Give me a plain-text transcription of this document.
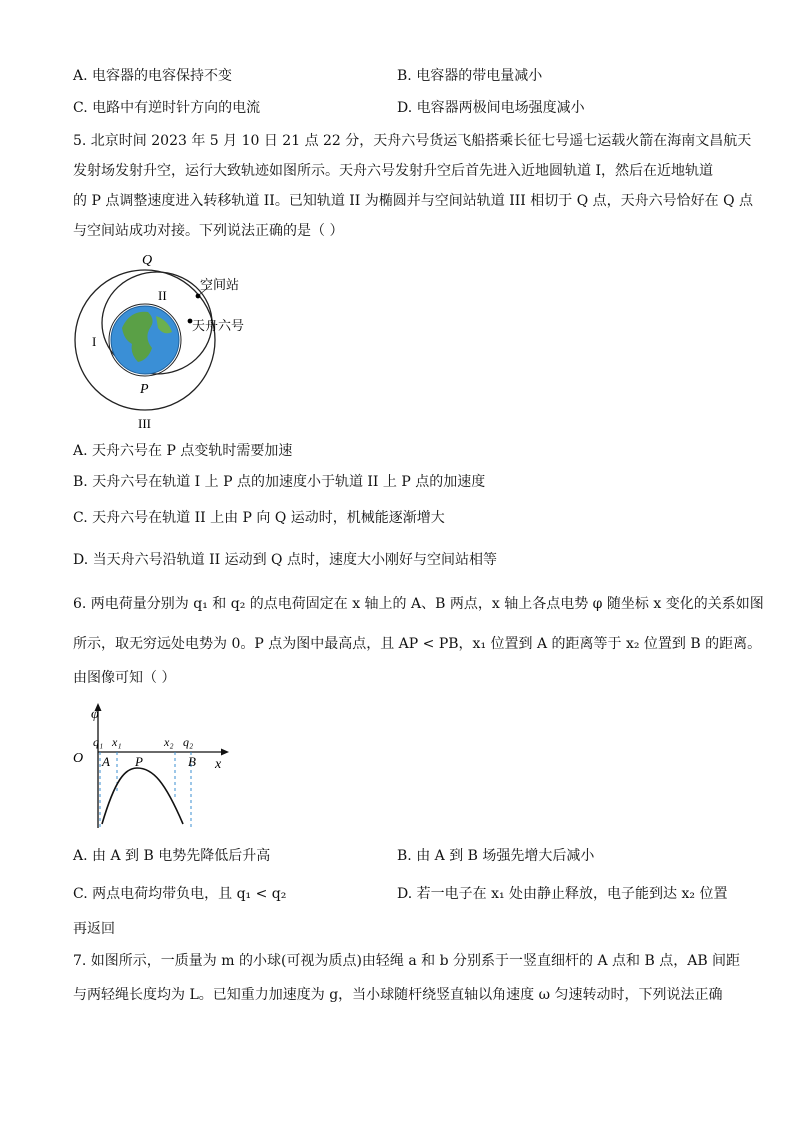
A. 电容器的电容保持不变	B. 电容器的带电量减小
C. 电路中有逆时针方向的电流	D. 电容器两极间电场强度减小
5. 北京时间 2023 年 5 月 10 日 21 点 22 分，天舟六号货运飞船搭乘长征七号遥七运载火箭在海南文昌航天
发射场发射升空，运行大致轨迹如图所示。天舟六号发射升空后首先进入近地圆轨道 I，然后在近地轨道
的 P 点调整速度进入转移轨道 II。已知轨道 II 为椭圆并与空间站轨道 III 相切于 Q 点，天舟六号恰好在 Q 点
与空间站成功对接。下列说法正确的是（ ）
Q
II
空间站
天舟六号
I
P
III
A. 天舟六号在 P 点变轨时需要加速
B. 天舟六号在轨道 I 上 P 点的加速度小于轨道 II 上 P 点的加速度
C. 天舟六号在轨道 II 上由 P 向 Q 运动时，机械能逐渐增大
D. 当天舟六号沿轨道 II 运动到 Q 点时，速度大小刚好与空间站相等
6. 两电荷量分别为 q₁ 和 q₂ 的点电荷固定在 x 轴上的 A、B 两点，x 轴上各点电势 φ 随坐标 x 变化的关系如图
所示，取无穷远处电势为 0。P 点为图中最高点，且 AP < PB，x₁ 位置到 A 的距离等于 x₂ 位置到 B 的距离。
由图像可知（ ）
φ
O	x
q₁ x₁	x₂ q₂
A P	B
A. 由 A 到 B 电势先降低后升高	B. 由 A 到 B 场强先增大后减小
C. 两点电荷均带负电，且 q₁ < q₂	D. 若一电子在 x₁ 处由静止释放，电子能到达 x₂ 位置
再返回
7. 如图所示，一质量为 m 的小球(可视为质点)由轻绳 a 和 b 分别系于一竖直细杆的 A 点和 B 点，AB 间距
与两轻绳长度均为 L。已知重力加速度为 g，当小球随杆绕竖直轴以角速度 ω 匀速转动时，下列说法正确
